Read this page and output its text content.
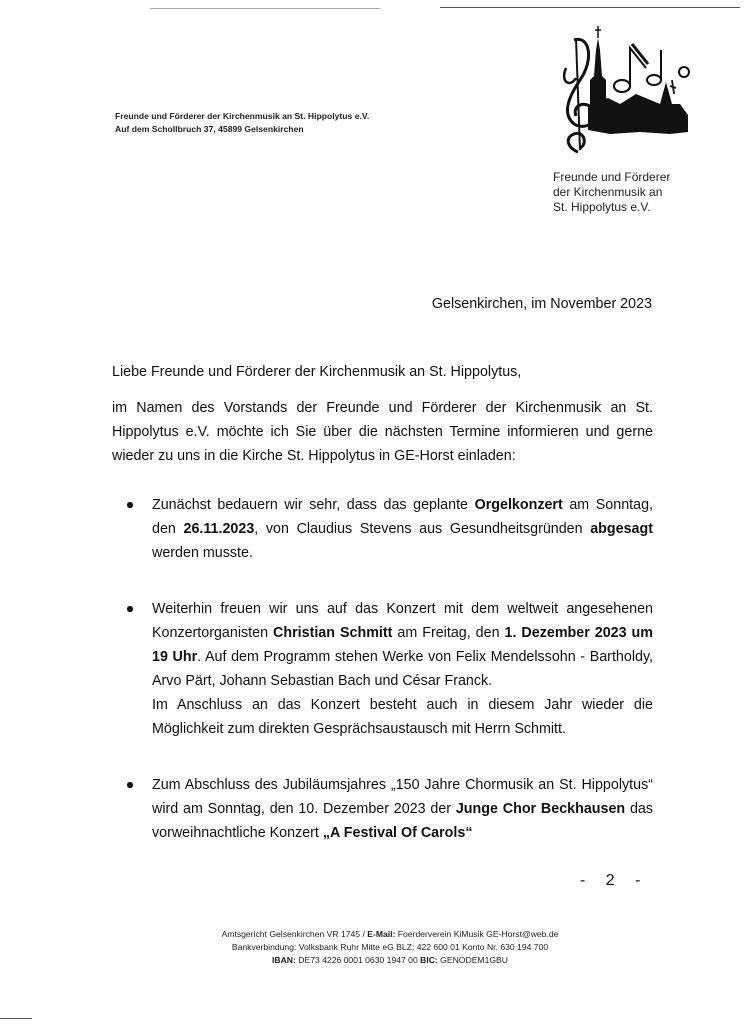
Freunde und Förderer der Kirchenmusik an St. Hippolytus e.V.
Auf dem Schollbruch 37, 45899 Gelsenkirchen
Freunde und Förderer
der Kirchenmusik an
St. Hippolytus e.V.
Gelsenkirchen, im November 2023
Liebe Freunde und Förderer der Kirchenmusik an St. Hippolytus,
im Namen des Vorstands der Freunde und Förderer der Kirchenmusik an St. Hippolytus e.V. möchte ich Sie über die nächsten Termine informieren und gerne wieder zu uns in die Kirche St. Hippolytus in GE-Horst einladen:
Zunächst bedauern wir sehr, dass das geplante Orgelkonzert am Sonntag, den 26.11.2023, von Claudius Stevens aus Gesundheitsgründen abgesagt werden musste.
Weiterhin freuen wir uns auf das Konzert mit dem weltweit angesehenen Konzertorganisten Christian Schmitt am Freitag, den 1. Dezember 2023 um 19 Uhr. Auf dem Programm stehen Werke von Felix Mendelssohn - Bartholdy, Arvo Pärt, Johann Sebastian Bach und César Franck.
Im Anschluss an das Konzert besteht auch in diesem Jahr wieder die Möglichkeit zum direkten Gesprächsaustausch mit Herrn Schmitt.
Zum Abschluss des Jubiläumsjahres „150 Jahre Chormusik an St. Hippolytus“ wird am Sonntag, den 10. Dezember 2023 der Junge Chor Beckhausen das vorweihnachtliche Konzert „A Festival Of Carols“
- 2 -
Amtsgericht Gelsenkirchen VR 1745 / E-Mail: Foerderverein KiMusik GE-Horst@web.de
Bankverbindung: Volksbank Ruhr Mitte eG BLZ: 422 600 01 Konto Nr. 630 194 700
IBAN: DE73 4226 0001 0630 1947 00 BIC: GENODEM1GBU
